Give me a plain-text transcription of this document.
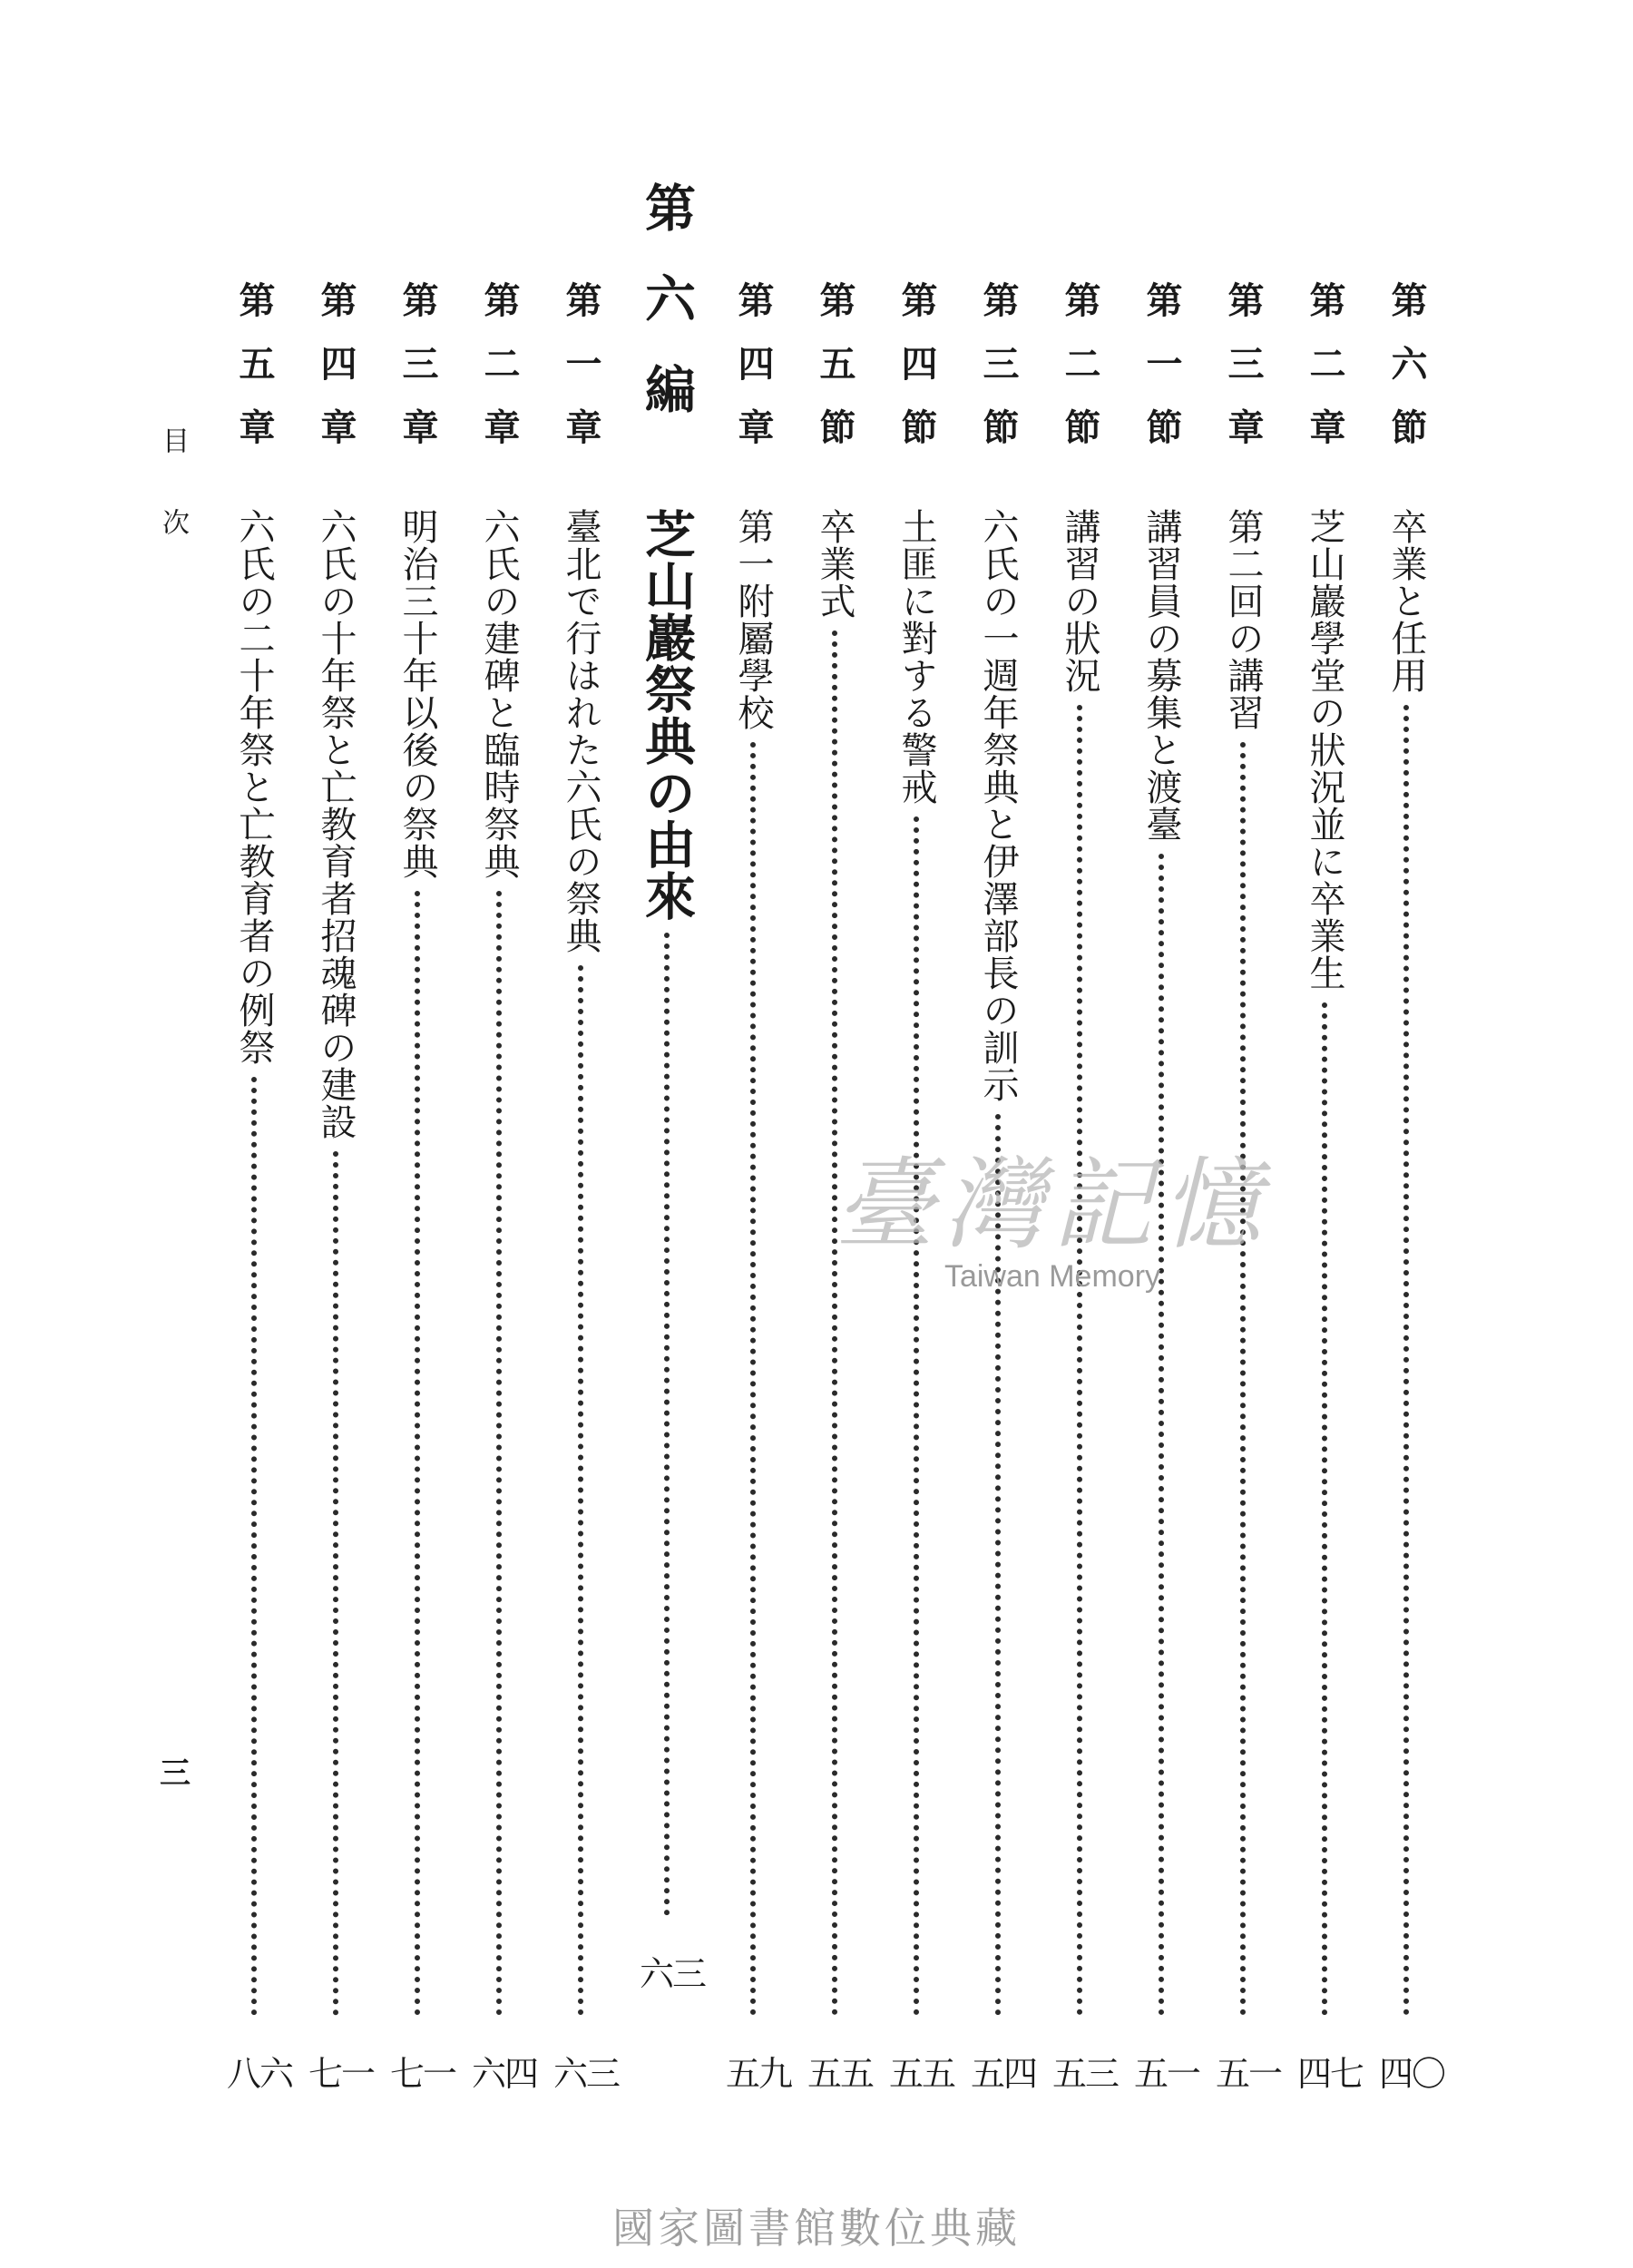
第六節
卒業と任用
四〇
第二章
芝山巖學堂の狀況並に卒業生
四七
第三章
第二回の講習
五一
第一節
講習員の募集と渡臺
五一
第二節
講習の狀況
五三
第三節
六氏の一週年祭典と伊澤部長の訓示
五四
第四節
土匪に對する警戒
五五
第五節
卒業式
五五
第四章
第一附屬學校
五九
第六編
芝山巖祭典の由來
六三
第一章
臺北で行はれた六氏の祭典
六三
第二章
六氏の建碑と臨時祭典
六四
第三章
明治三十年以後の祭典
七一
第四章
六氏の十年祭と亡教育者招魂碑の建設
七一
第五章
六氏の二十年祭と亡教育者の例祭
八六
目次
三
臺灣記憶
Taiwan Memory
國家圖書館數位典藏
